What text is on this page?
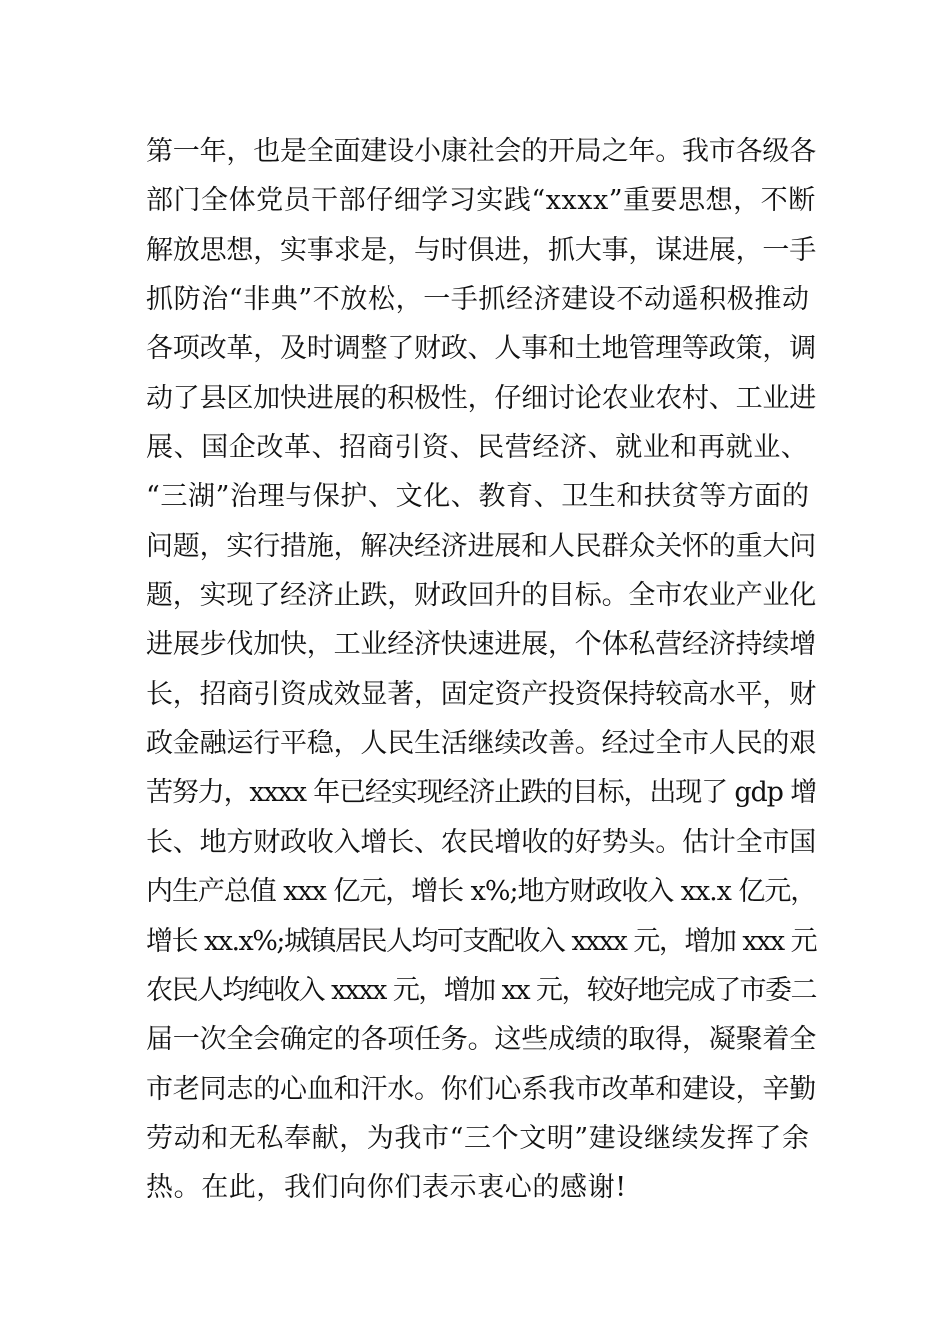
第一年，也是全面建设小康社会的开局之年。我市各级各
部门全体党员干部仔细学习实践“xxxx”重要思想，不断
解放思想，实事求是，与时俱进，抓大事，谋进展，一手
抓防治“非典”不放松，一手抓经济建设不动遥积极推动
各项改革，及时调整了财政、人事和土地管理等政策，调
动了县区加快进展的积极性，仔细讨论农业农村、工业进
展、国企改革、招商引资、民营经济、就业和再就业、
“三湖”治理与保护、文化、教育、卫生和扶贫等方面的
问题，实行措施，解决经济进展和人民群众关怀的重大问
题，实现了经济止跌，财政回升的目标。全市农业产业化
进展步伐加快，工业经济快速进展，个体私营经济持续增
长，招商引资成效显著，固定资产投资保持较高水平，财
政金融运行平稳，人民生活继续改善。经过全市人民的艰
苦努力，xxxx 年已经实现经济止跌的目标，出现了 gdp 增
长、地方财政收入增长、农民增收的好势头。估计全市国
内生产总值 xxx 亿元，增长 x%;地方财政收入 xx.x 亿元，
增长 xx.x%;城镇居民人均可支配收入 xxxx 元，增加 xxx 元
农民人均纯收入 xxxx 元，增加 xx 元，较好地完成了市委二
届一次全会确定的各项任务。这些成绩的取得，凝聚着全
市老同志的心血和汗水。你们心系我市改革和建设，辛勤
劳动和无私奉献，为我市“三个文明”建设继续发挥了余
热。在此，我们向你们表示衷心的感谢!
